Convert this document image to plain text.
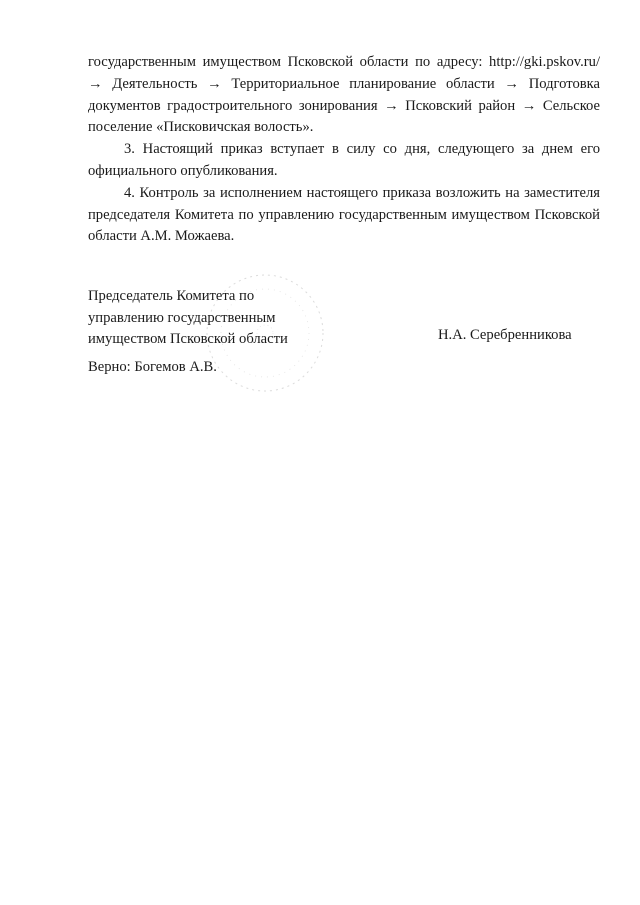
государственным имуществом Псковской области по адресу: http://gki.pskov.ru/ → Деятельность → Территориальное планирование области → Подготовка документов градостроительного зонирования → Псковский район → Сельское поселение «Писковичская волость».

3. Настоящий приказ вступает в силу со дня, следующего за днем его официального опубликования.

4. Контроль за исполнением настоящего приказа возложить на заместителя председателя Комитета по управлению государственным имуществом Псковской области А.М. Можаева.

Председатель Комитета по

управлению государственным

имуществом Псковской области	Н.А. Серебренникова
Верно: Богемов А.В.
